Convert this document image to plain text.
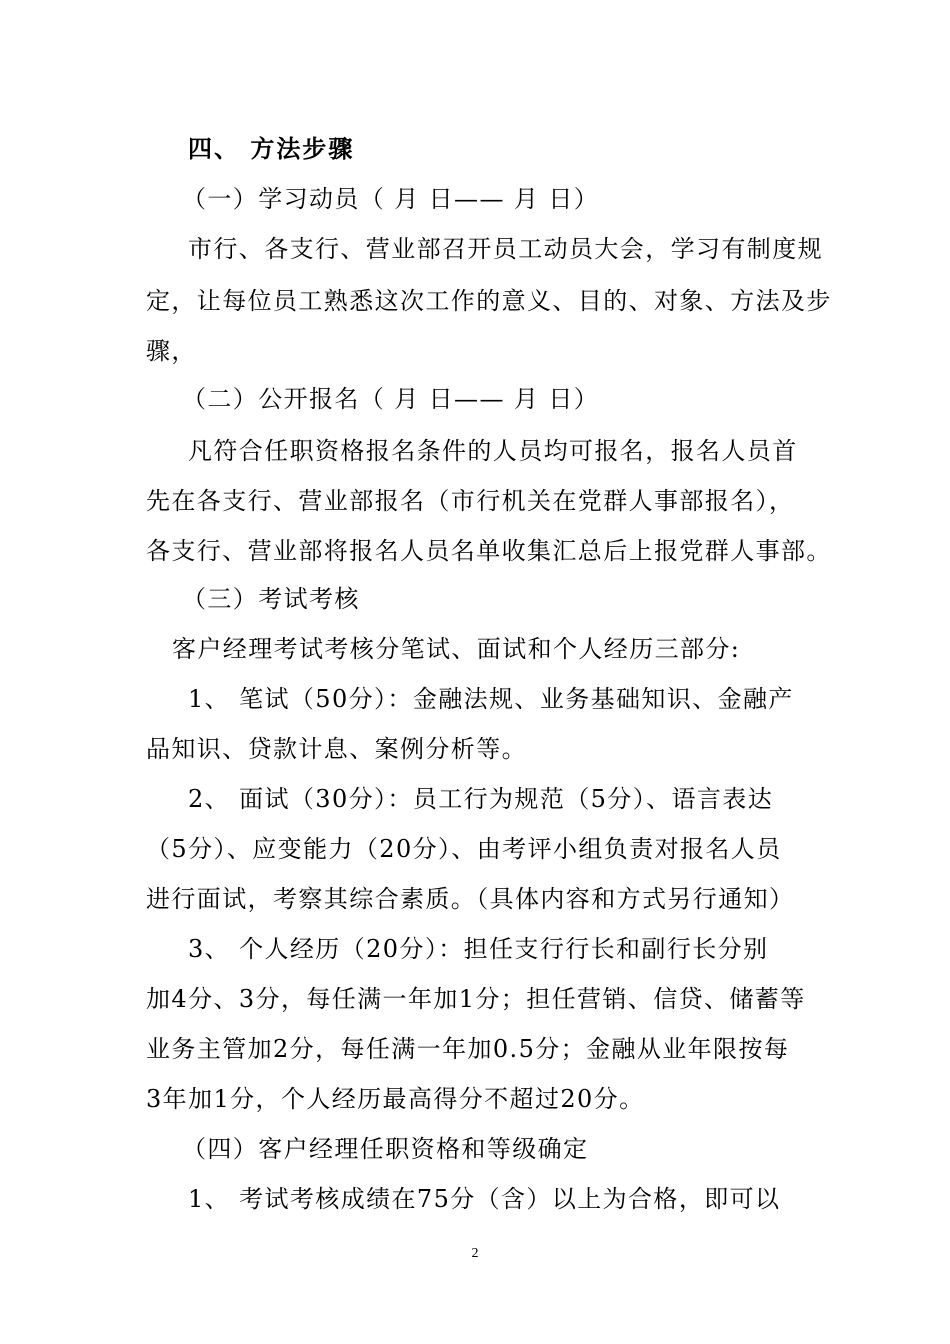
四、 方法步骤
（一）学习动员（ 月 日—— 月 日）
市行、各支行、营业部召开员工动员大会，学习有制度规
定，让每位员工熟悉这次工作的意义、目的、对象、方法及步
骤，
（二）公开报名（ 月 日—— 月 日）
凡符合任职资格报名条件的人员均可报名，报名人员首
先在各支行、营业部报名（市行机关在党群人事部报名），
各支行、营业部将报名人员名单收集汇总后上报党群人事部。
（三）考试考核
客户经理考试考核分笔试、面试和个人经历三部分:
1、 笔试（50分）：金融法规、业务基础知识、金融产
品知识、贷款计息、案例分析等。
2、 面试（30分）：员工行为规范（5分）、语言表达
（5分）、应变能力（20分）、由考评小组负责对报名人员
进行面试，考察其综合素质。（具体内容和方式另行通知）
3、 个人经历（20分）：担任支行行长和副行长分别
加4分、3分，每任满一年加1分；担任营销、信贷、储蓄等
业务主管加2分，每任满一年加0.5分；金融从业年限按每
3年加1分，个人经历最高得分不超过20分。
（四）客户经理任职资格和等级确定
1、 考试考核成绩在75分（含）以上为合格，即可以
2
